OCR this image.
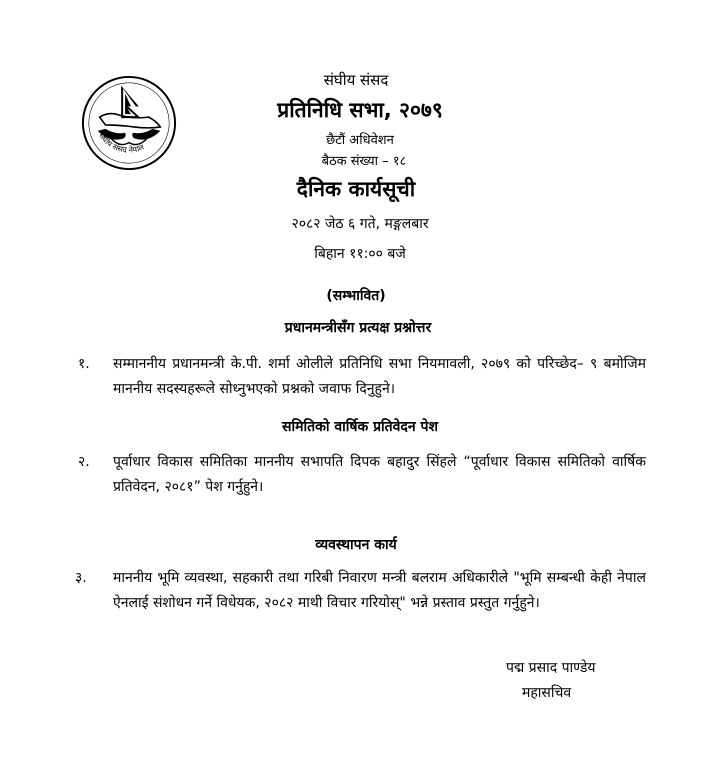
संघीय संसद नेपाल
संघीय संसद
प्रतिनिधि सभा, २०७९
छैटौं अधिवेशन
बैठक संख्या – १८
दैनिक कार्यसूची
२०८२ जेठ ६ गते, मङ्गलबार
बिहान ११:०० बजे
(सम्भावित)
प्रधानमन्त्रीसँग प्रत्यक्ष प्रश्नोत्तर
१. सम्माननीय प्रधानमन्त्री के.पी. शर्मा ओलीले प्रतिनिधि सभा नियमावली, २०७९ को परिच्छेद– ९ बमोजिम माननीय सदस्यहरूले सोध्नुभएको प्रश्नको जवाफ दिनुहुने।
समितिको वार्षिक प्रतिवेदन पेश
२. पूर्वाधार विकास समितिका माननीय सभापति दिपक बहादुर सिंहले “पूर्वाधार विकास समितिको वार्षिक प्रतिवेदन, २०८१” पेश गर्नुहुने।
व्यवस्थापन कार्य
३. माननीय भूमि व्यवस्था, सहकारी तथा गरिबी निवारण मन्त्री बलराम अधिकारीले "भूमि सम्बन्धी केही नेपाल ऐनलाई संशोधन गर्ने विधेयक, २०८२ माथी विचार गरियोस्" भन्ने प्रस्ताव प्रस्तुत गर्नुहुने।
पद्म प्रसाद पाण्डेय
महासचिव
